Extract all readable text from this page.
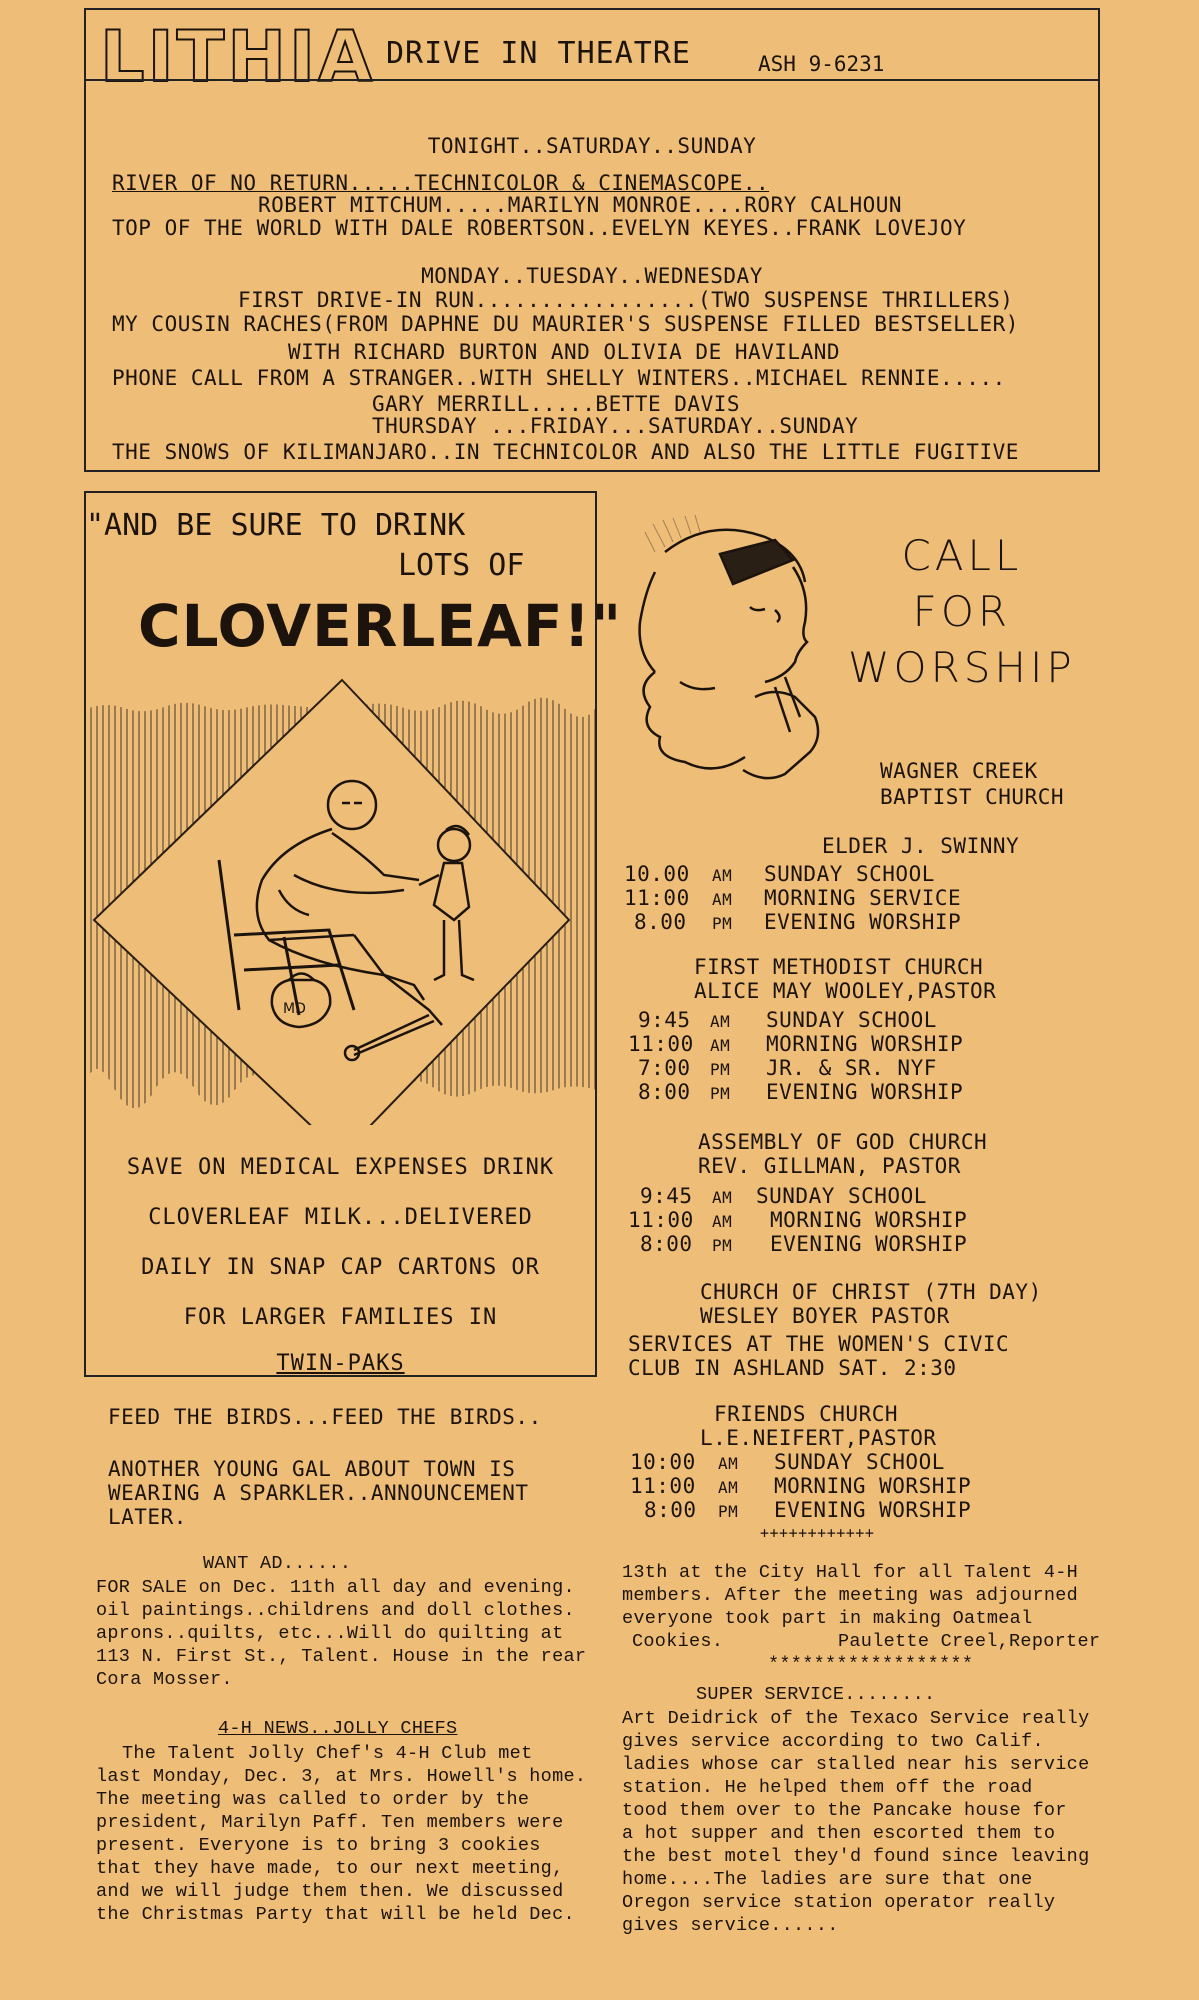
LITHIA DRIVE IN THEATRE	ASH 9-6231
TONIGHT..SATURDAY..SUNDAY
RIVER OF NO RETURN.....TECHNICOLOR & CINEMASCOPE..
ROBERT MITCHUM.....MARILYN MONROE....RORY CALHOUN
TOP OF THE WORLD WITH DALE ROBERTSON..EVELYN KEYES..FRANK LOVEJOY
MONDAY..TUESDAY..WEDNESDAY
FIRST DRIVE-IN RUN.................(TWO SUSPENSE THRILLERS)
MY COUSIN RACHES(FROM DAPHNE DU MAURIER'S SUSPENSE FILLED BESTSELLER)
WITH RICHARD BURTON AND OLIVIA DE HAVILAND
PHONE CALL FROM A STRANGER..WITH SHELLY WINTERS..MICHAEL RENNIE.....
GARY MERRILL.....BETTE DAVIS
THURSDAY ...FRIDAY...SATURDAY..SUNDAY
THE SNOWS OF KILIMANJARO..IN TECHNICOLOR AND ALSO THE LITTLE FUGITIVE
"AND BE SURE TO DRINK
LOTS OF
CLOVERLEAF!"
MD
SAVE ON MEDICAL EXPENSES DRINK
CLOVERLEAF MILK...DELIVERED
DAILY IN SNAP CAP CARTONS OR
FOR LARGER FAMILIES IN
TWIN-PAKS
FEED THE BIRDS...FEED THE BIRDS..
ANOTHER YOUNG GAL ABOUT TOWN IS
WEARING A SPARKLER..ANNOUNCEMENT
LATER.
CALL
FOR
WORSHIP
WAGNER CREEK
BAPTIST CHURCH
ELDER J. SWINNY
10.00 AM SUNDAY SCHOOL
11:00 AM MORNING SERVICE
8.00 PM EVENING WORSHIP
FIRST METHODIST CHURCH
ALICE MAY WOOLEY,PASTOR
9:45 AM SUNDAY SCHOOL
11:00 AM MORNING WORSHIP
7:00 PM JR. & SR. NYF
8:00 PM EVENING WORSHIP
ASSEMBLY OF GOD CHURCH
REV. GILLMAN, PASTOR
9:45 AM SUNDAY SCHOOL
11:00 AM MORNING WORSHIP
8:00 PM EVENING WORSHIP
CHURCH OF CHRIST (7TH DAY)
WESLEY BOYER PASTOR
SERVICES AT THE WOMEN'S CIVIC
CLUB IN ASHLAND SAT. 2:30
FRIENDS CHURCH
L.E.NEIFERT,PASTOR
10:00 AM SUNDAY SCHOOL
11:00 AM MORNING WORSHIP
8:00 PM EVENING WORSHIP
++++++++++++
WANT AD......
FOR SALE on Dec. 11th all day and evening.
oil paintings..childrens and doll clothes.
aprons..quilts, etc...Will do quilting at
113 N. First St., Talent. House in the rear
Cora Mosser.
4-H NEWS..JOLLY CHEFS
The Talent Jolly Chef's 4-H Club met
last Monday, Dec. 3, at Mrs. Howell's home.
The meeting was called to order by the
president, Marilyn Paff. Ten members were
present. Everyone is to bring 3 cookies
that they have made, to our next meeting,
and we will judge them then. We discussed
the Christmas Party that will be held Dec.
13th at the City Hall for all Talent 4-H
members. After the meeting was adjourned
everyone took part in making Oatmeal
Cookies.	Paulette Creel,Reporter
******************
SUPER SERVICE........
Art Deidrick of the Texaco Service really
gives service according to two Calif.
ladies whose car stalled near his service
station. He helped them off the road
tood them over to the Pancake house for
a hot supper and then escorted them to
the best motel they'd found since leaving
home....The ladies are sure that one
Oregon service station operator really
gives service......
